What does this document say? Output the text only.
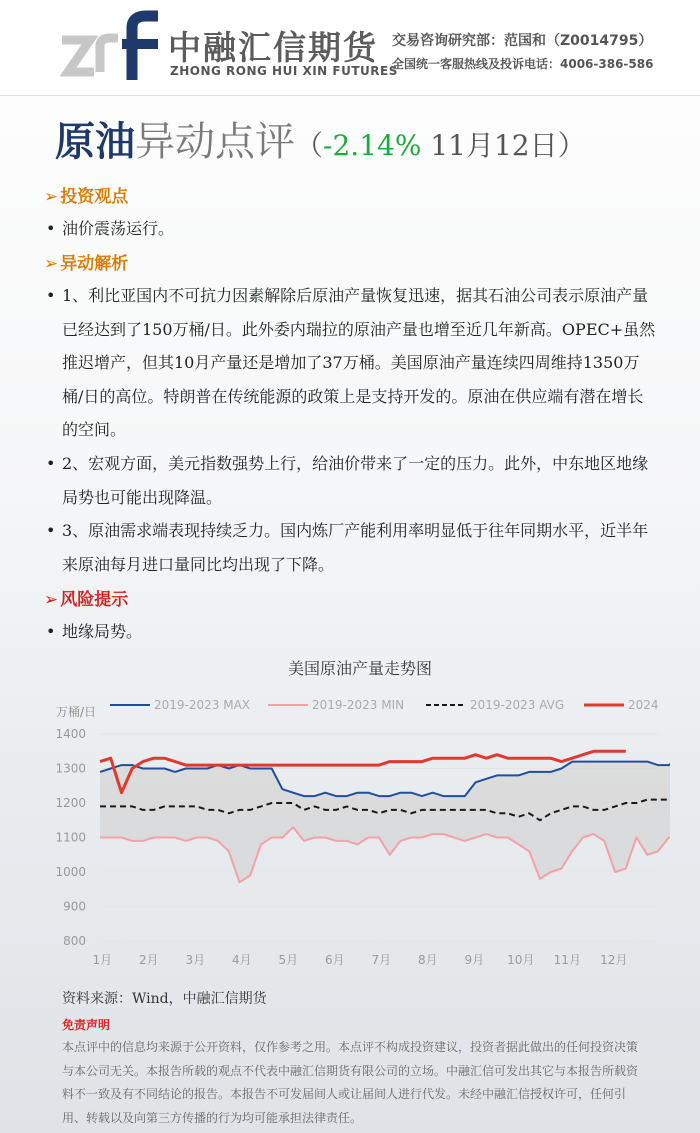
中融汇信期货
ZHONG RONG HUI XIN FUTURES
交易咨询研究部：范国和（Z0014795）
全国统一客服热线及投诉电话：4006-386-586
原油异动点评（-2.14% 11月12日）
➢ 投资观点
• 油价震荡运行。
➢ 异动解析
• 1、利比亚国内不可抗力因素解除后原油产量恢复迅速，据其石油公司表示原油产量已经达到了150万桶/日。此外委内瑞拉的原油产量也增至近几年新高。OPEC+虽然推迟增产，但其10月产量还是增加了37万桶。美国原油产量连续四周维持1350万桶/日的高位。特朗普在传统能源的政策上是支持开发的。原油在供应端有潜在增长的空间。
• 2、宏观方面，美元指数强势上行，给油价带来了一定的压力。此外，中东地区地缘局势也可能出现降温。
• 3、原油需求端表现持续乏力。国内炼厂产能利用率明显低于往年同期水平，近半年来原油每月进口量同比均出现了下降。
➢ 风险提示
• 地缘局势。
美国原油产量走势图
万桶/日	2019-2023 MAX	2019-2023 MIN	2019-2023 AVG	2024
800
900
1000
1100
1200
1300
1400
1月 2月 3月 4月 5月 6月 7月 8月 9月 10月 11月 12月
资料来源：Wind，中融汇信期货
免责声明
本点评中的信息均来源于公开资料，仅作参考之用。本点评不构成投资建议，投资者据此做出的任何投资决策与本公司无关。本报告所载的观点不代表中融汇信期货有限公司的立场。中融汇信可发出其它与本报告所载资料不一致及有不同结论的报告。本报告不可发届间人或让届间人进行代发。未经中融汇信授权许可，任何引用、转载以及向第三方传播的行为均可能承担法律责任。
